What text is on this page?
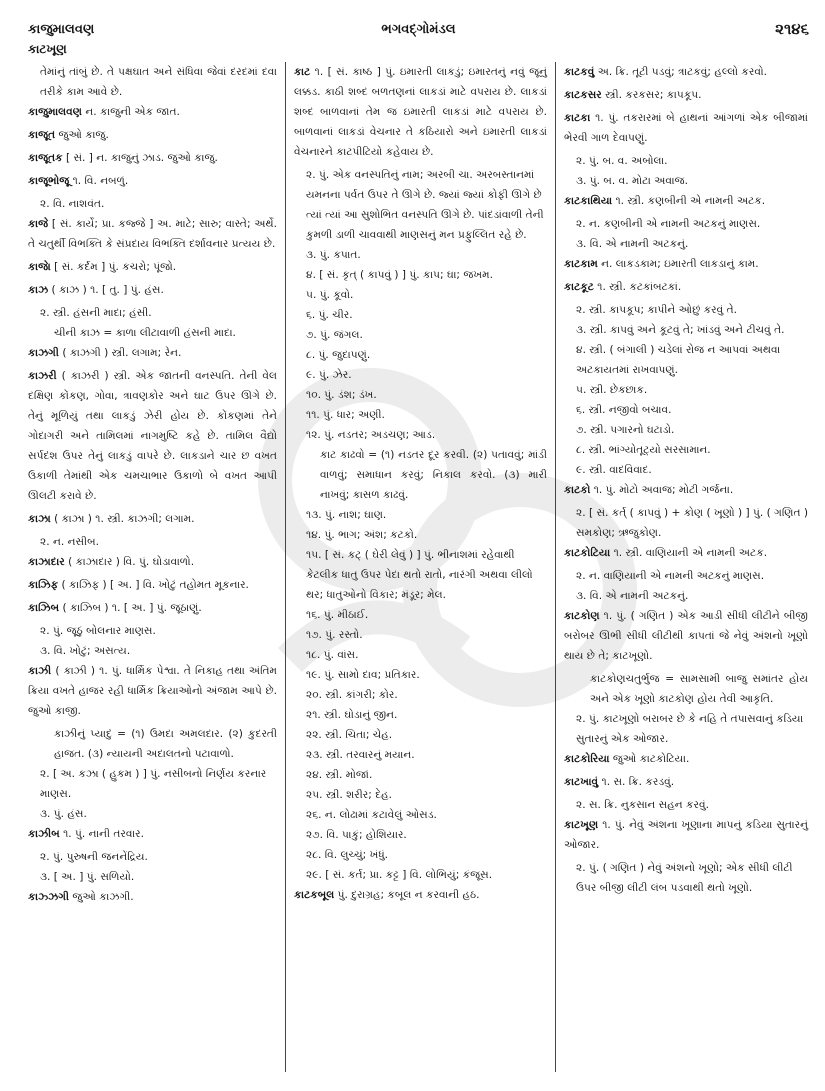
કાજુમાલવણ	ભગવદ્ગોમંડલ	૨૧૪૬
કાટખૂણ

તેમાંનું તાંબું છે. તે પક્ષઘાત અને સંધિવા જેવાં દરદમાં દવા તરીકે કામ આવે છે.

કાજુમાલવણ ન. કાજુની એક જાત.

કાજૂત જુઓ કાજુ.

કાજૂતક [ સં. ] ન. કાજુનું ઝાડ. જુઓ કાજુ.

કાજૂભોજૂ ૧. વિ. નબળું.

૨. વિ. નાશવંત.

કાજે [ સં. કાર્યે; પ્રા. કજ્જે ] અ. માટે; સારુ; વાસ્તે; અર્થે. તે ચતુર્થી વિભક્તિ કે સંપ્રદાય વિભક્તિ દર્શાવનાર પ્રત્યય છે.

કાજેા [ સં. કર્દમ ] પું. કચરો; પૂંજો.

કાઝ ( કાઝ ) ૧. [ તુ. ] પું. હંસ.

૨. સ્ત્રી. હંસની માદા; હંસી.

ચીની કાઝ = કાળા લીટાવાળી હંસની માદા.

કાઝગી ( કાઝગી ) સ્ત્રી. લગામ; રેન.

કાઝરી ( કાઝરી ) સ્ત્રી. એક જાતની વનસ્પતિ. તેની વેલ દક્ષિણ કોંકણ, ગોવા, ત્રાવણકોર અને ઘાટ ઉપર ઊગે છે. તેનું મૂળિયું તથા લાકડું ઝેરી હોય છે. કોંકણમાં તેને ગોદાગરી અને તામિલમાં નાગમુષ્ટિ કહે છે. તામિલ વૈદ્યો સર્પદંશ ઉપર તેનું લાકડું વાપરે છે. લાકડાને ચાર છ વખત ઉકાળી તેમાંથી એક ચમચાભાર ઉકાળો બે વખત આપી ઊલટી કરાવે છે.

કાઝા ( કાઝા ) ૧. સ્ત્રી. કાઝગી; લગામ.

૨. ન. નસીબ.

કાઝાદાર ( કાઝાદાર ) વિ. પું. ઘોડાવાળો.

કાઝિફ ( કાઝિફ ) [ અ. ] વિ. ખોટું તહોમત મૂકનાર.

કાઝિબ ( કાઝિબ ) ૧. [ અ. ] પું. જૂઠાણું.

૨. પું. જૂઠું બોલનાર માણસ.

૩. વિ. ખોટું; અસત્ય.

કાઝી ( કાઝી ) ૧. પું. ધાર્મિક પેશ્વા. તે નિકાહ તથા અંતિમ ક્રિયા વખતે હાજર રહી ધાર્મિક ક્રિયાઓનો અંજામ આપે છે. જુઓ કાજી.

કાઝીનું પ્યાદું = (૧) ઉમદા અમલદાર. (૨) કુદરતી હાજત. (૩) ન્યાયની અદાલતનો પટાવાળો.

૨. [ અ. કઝા ( હુકમ ) ] પું. નસીબનો નિર્ણય કરનાર માણસ.

૩. પું. હંસ.

કાઝીબ ૧. પું. નાની તરવાર.

૨. પું. પુરુષની જનનેંદ્રિય.

૩. [ અ. ] પું. સળિયો.

કાઝ્ઝગી જુઓ કાઝગી.

કાટ ૧. [ સં. કાષ્ઠ ] પું. ઇમારતી લાકડું; ઇમારતનું નવું જૂનું લક્કડ. કાઠી શબ્દ બળતણનાં લાકડાં માટે વપરાય છે. લાકડાં શબ્દ બાળવાનાં તેમ જ ઇમારતી લાકડાં માટે વપરાય છે. બાળવાનાં લાકડાં વેચનાર તે કઠિયારો અને ઇમારતી લાકડાં વેચનારને કાટપીટિયો કહેવાય છે.

૨. પું. એક વનસ્પતિનું નામ; અરબી ચા. અરબસ્તાનમાં યમનના પર્વત ઉપર તે ઊગે છે. જ્યાં જ્યાં કોફી ઊગે છે ત્યાં ત્યાં આ સુશોભિત વનસ્પતિ ઊગે છે. પાંદડાંવાળી તેની કુમળી ડાળી ચાવવાથી માણસનું મન પ્રફુલ્લિત રહે છે.

૩. પું. કપાત.

૪. [ સં. કૃત્ ( કાપવું ) ] પું. કાપ; ઘા; જખમ.

૫. પું. કૂવો.

૬. પું. ચીર.

૭. પું. જંગલ.

૮. પું. જુદાપણું.

૯. પું. ઝેર.

૧૦. પું. ડંશ; ડંખ.

૧૧. પું. ધાર; અણી.

૧૨. પું. નડતર; અડચણ; આડ.

કાટ કાઢવો = (૧) નડતર દૂર કરવી. (૨) પતાવવું; માંડી વાળવું; સમાધાન કરવું; નિકાલ કરવો. (૩) મારી નાખવું; કાસળ કાઢવું.

૧૩. પું. નાશ; ઘાણ.

૧૪. પું. ભાગ; અંશ; કટકો.

૧૫. [ સં. કટ્ ( ઘેરી લેવું ) ] પું. ભીનાશમાં રહેવાથી કેટલીક ધાતુ ઉપર પેદા થતો રાતો, નારંગી અથવા લીલો થર; ધાતુઓનો વિકાર; મંડૂર; મેલ.

૧૬. પું. મીઠાઈ.

૧૭. પું. રસ્તો.

૧૮. પું. વાંસ.

૧૯. પું. સામો દાવ; પ્રતિકાર.

૨૦. સ્ત્રી. કાંગરી; કોર.

૨૧. સ્ત્રી. ઘોડાનું જીન.

૨૨. સ્ત્રી. ચિતા; ચેહ.

૨૩. સ્ત્રી. તરવારનું મયાન.

૨૪. સ્ત્રી. મોજાં.

૨૫. સ્ત્રી. શરીર; દેહ.

૨૬. ન. લોઢામાં કટાવેલું ઓસડ.

૨૭. વિ. પાકું; હોશિયાર.

૨૮. વિ. લુચ્ચું; ખંધું.

૨૯. [ સં. કર્ત; પ્રા. કટ્ટ ] વિ. લોભિયું; કંજૂસ.

કાટકબૂલ પું. દુરાગ્રહ; કબૂલ ન કરવાની હઠ.

કાટકવું અ. ક્રિ. તૂટી પડવું; ત્રાટકવું; હલ્લો કરવો.

કાટકસર સ્ત્રી. કરકસર; કાપકૂપ.

કાટકા ૧. પું. તકરારમાં બે હાથનાં આંગળાં એક બીજામાં ભેરવી ગાળ દેવાપણું.

૨. પું. બ. વ. અબોલા.

૩. પું. બ. વ. મોટા અવાજ.

કાટકાથિયા ૧. સ્ત્રી. કણબીની એ નામની અટક.

૨. ન. કણબીની એ નામની અટકનું માણસ.

૩. વિ. એ નામની અટકનું.

કાટકામ ન. લાકડકામ; ઇમારતી લાકડાનું કામ.

કાટકૂટ ૧. સ્ત્રી. કટકાંબટકાં.

૨. સ્ત્રી. કાપકૂપ; કાપીને ઓછું કરવું તે.

૩. સ્ત્રી. કાપવું અને કૂટવું તે; ખાંડવું અને ટીચવું તે.

૪. સ્ત્રી. ( બંગાલી ) ચડેલાં રોજ ન આપવાં અથવા અટકાયતમાં રાખવાપણું.

૫. સ્ત્રી. છેકછાક.

૬. સ્ત્રી. નજીવો બચાવ.

૭. સ્ત્રી. પગારનો ઘટાડો.

૮. સ્ત્રી. ભાંગ્યોતૂટ્યો સરસામાન.

૯. સ્ત્રી. વાદવિવાદ.

કાટકો ૧. પું. મોટો અવાજ; મોટી ગર્જના.

૨. [ સં. કર્ત્ ( કાપવું ) + કોણ ( ખૂણો ) ] પું. ( ગણિત ) સમકોણ; ઋજુકોણ.

કાટકોટિયા ૧. સ્ત્રી. વાણિયાની એ નામની અટક.

૨. ન. વાણિયાની એ નામની અટકનું માણસ.

૩. વિ. એ નામની અટકનું.

કાટકોણ ૧. પું. ( ગણિત ) એક આડી સીધી લીટીને બીજી બરોબર ઊભી સીધી લીટીથી કાપતાં જે નેવું અંશનો ખૂણો થાય છે તે; કાટખૂણો.

કાટકોણચતુર્ભુજ = સામસામી બાજુ સમાંતર હોય અને એક ખૂણો કાટકોણ હોય તેવી આકૃતિ.

૨. પું. કાટખૂણો બરાબર છે કે નહિ તે તપાસવાનું કડિયા સુતારનું એક ઓજાર.

કાટકોરિયા જુઓ કાટકોટિયા.

કાટખાવું ૧. સ. ક્રિ. કરડવું.

૨. સ. ક્રિ. નુકસાન સહન કરવું.

કાટખૂણ ૧. પું. નેવું અંશના ખૂણાના માપનું કડિયા સુતારનું ઓજાર.

૨. પું. ( ગણિત ) નેવું અંશનો ખૂણો; એક સીધી લીટી ઉપર બીજી લીટી લંબ પડવાથી થતો ખૂણો.
